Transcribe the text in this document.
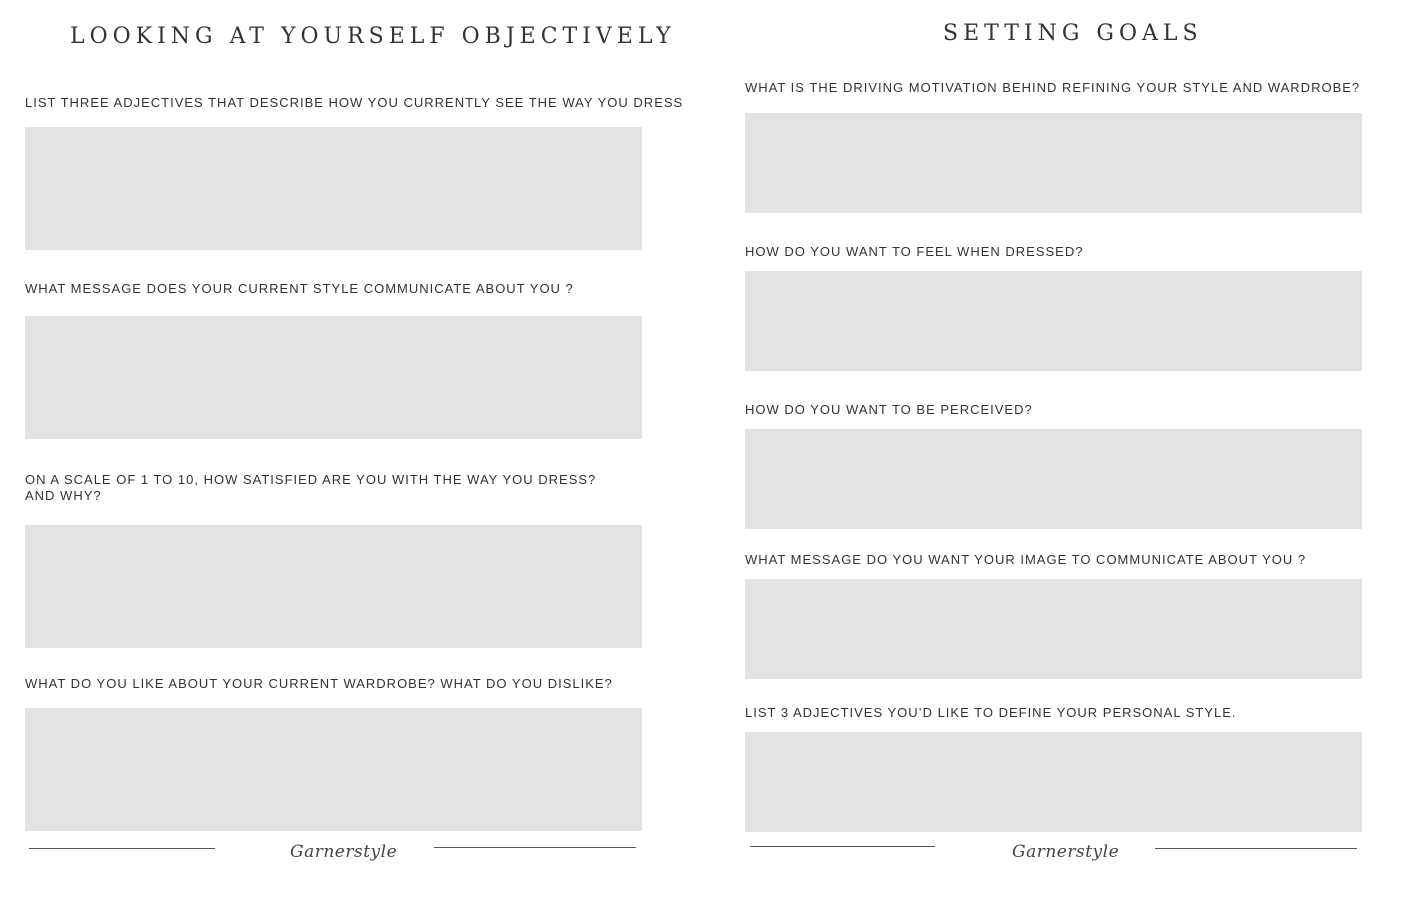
LOOKING AT YOURSELF OBJECTIVELY

LIST THREE ADJECTIVES THAT DESCRIBE HOW YOU CURRENTLY SEE THE WAY YOU DRESS

WHAT MESSAGE DOES YOUR CURRENT STYLE COMMUNICATE ABOUT YOU ?

ON A SCALE OF 1 TO 10, HOW SATISFIED ARE YOU WITH THE WAY YOU DRESS?
AND WHY?

WHAT DO YOU LIKE ABOUT YOUR CURRENT WARDROBE? WHAT DO YOU DISLIKE?

Garnerstyle
SETTING GOALS

WHAT IS THE DRIVING MOTIVATION BEHIND REFINING YOUR STYLE AND WARDROBE?

HOW DO YOU WANT TO FEEL WHEN DRESSED?

HOW DO YOU WANT TO BE PERCEIVED?

WHAT MESSAGE DO YOU WANT YOUR IMAGE TO COMMUNICATE ABOUT YOU ?

LIST 3 ADJECTIVES YOU’D LIKE TO DEFINE YOUR PERSONAL STYLE.

Garnerstyle
